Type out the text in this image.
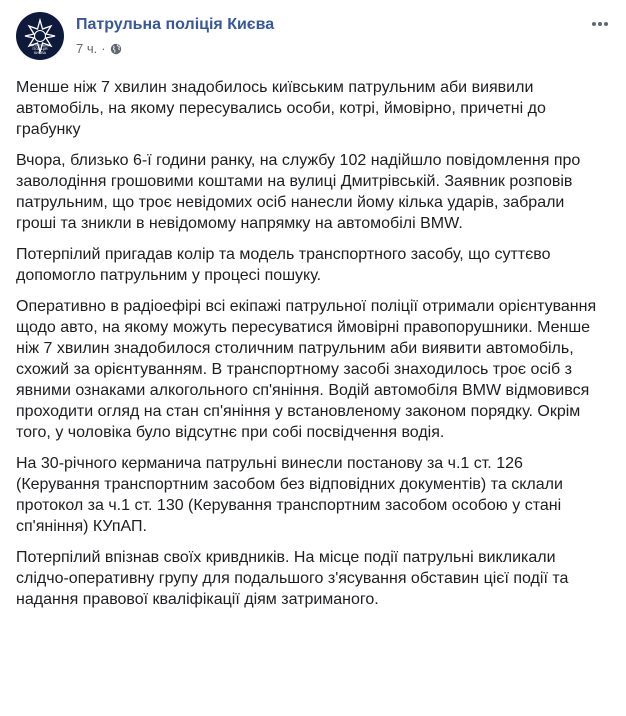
ПАТРУЛЬНА
ПОЛІЦІЯ
КИЄВА
Патрульна поліція Києва
7 ч. ·

Менше ніж 7 хвилин знадобилось київським патрульним аби виявили автомобіль, на якому пересувались особи, котрі, ймовірно, причетні до грабунку

Вчора, близько 6-ї години ранку, на службу 102 надійшло повідомлення про заволодіння грошовими коштами на вулиці Дмитрівській. Заявник розповів патрульним, що троє невідомих осіб нанесли йому кілька ударів, забрали гроші та зникли в невідомому напрямку на автомобілі BMW.

Потерпілий пригадав колір та модель транспортного засобу, що суттєво допомогло патрульним у процесі пошуку.

Оперативно в радіоефірі всі екіпажі патрульної поліції отримали орієнтування щодо авто, на якому можуть пересуватися ймовірні правопорушники. Менше ніж 7 хвилин знадобилося столичним патрульним аби виявити автомобіль, схожий за орієнтуванням. В транспортному засобі знаходилось троє осіб з явними ознаками алкогольного сп'яніння. Водій автомобіля BMW відмовився проходити огляд на стан сп'яніння у встановленому законом порядку. Окрім того, у чоловіка було відсутнє при собі посвідчення водія.

На 30-річного керманича патрульні винесли постанову за ч.1 ст. 126 (Керування транспортним засобом без відповідних документів) та склали протокол за ч.1 ст. 130 (Керування транспортним засобом особою у стані сп'яніння) КУпАП.

Потерпілий впізнав своїх кривдників. На місце події патрульні викликали слідчо-оперативну групу для подальшого з'ясування обставин цієї події та надання правової кваліфікації діям затриманого.
